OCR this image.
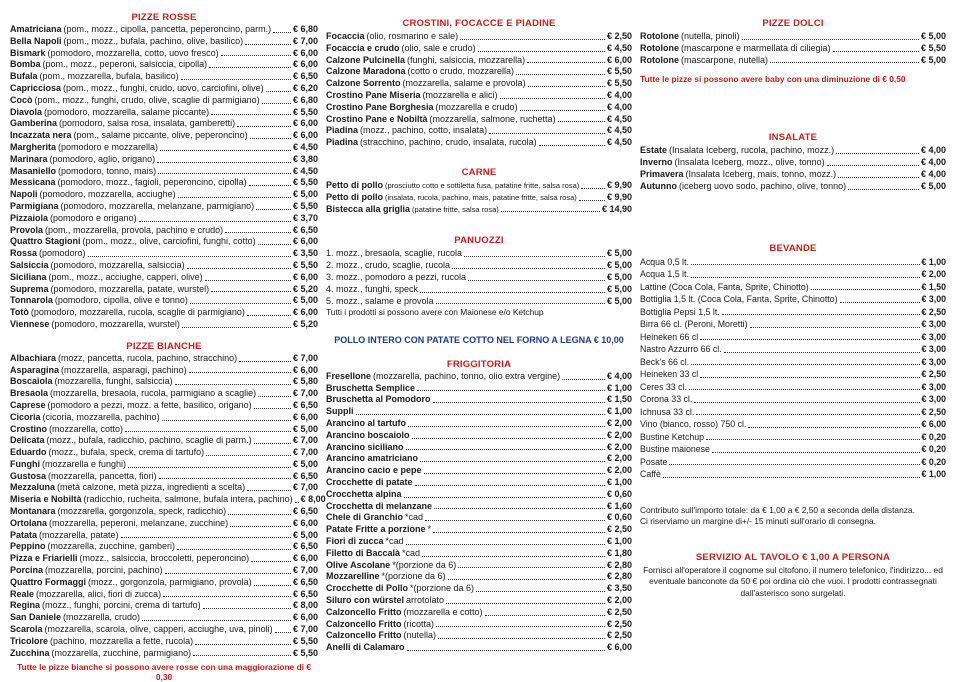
PIZZE ROSSE
Amatriciana (pom., mozz., cipolla, pancetta, peperoncino, parm.) € 6,80
Bella Napoli (pom., mozz., bufala, pachino, olive, basilico)	€ 7,00
Bismark (pomodoro, mozzarella, cotto, uovo fresco)	€ 6,00
Bomba (pom., mozz., peperoni, salsiccia, cipolla)	€ 6,00
Bufala (pom., mozzarella, bufala, basilico)	€ 6,50
Capricciosa (pom., mozz., funghi, crudo, uovo, carciofini, olive)	€ 6,20
Cocò (pom., mozz., funghi, crudo, olive, scaglie di parmigiano)	€ 6,80
Diavola (pomodoro, mozzarella, salame piccante)	€ 5,50
Gamberina (pomodoro, salsa rosa, insalata, gamberetti)	€ 6,00
Incazzata nera (pom., salame piccante, olive, peperoncino)	€ 6,00
Margherita (pomodoro e mozzarella)	€ 4,50
Marinara (pomodoro, aglio, origano)	€ 3,80
Masaniello (pomodoro, tonno, mais)	€ 4,50
Messicana (pomodoro, mozz., fagioli, peperoncino, cipolla)	€ 5,50
Napoli (pomodoro, mozzarella, acciughe)	€ 5,00
Parmigiana (pomodoro, mozzarella, melanzane, parmigiano)	€ 5,50
Pizzaiola (pomodoro e origano)	€ 3,70
Provola (pom., mozzarella, provola, pachino e crudo)	€ 6,50
Quattro Stagioni (pom., mozz., olive, carciofini, funghi, cotto)	€ 6,00
Rossa (pomodoro)	€ 3,50
Salsiccia (pomodoro, mozzarella, salsiccia)	€ 5,50
Siciliana (pom., mozz., acciughe, capperi, olive)	€ 6,00
Suprema (pomodoro, mozzarella, patate, wurstel)	€ 5,20
Tonnarola (pomodoro, cipolla, olive e tonno)	€ 5,00
Totò (pomodoro, mozzarella, rucola, scaglie di parmigiano)	€ 6,00
Viennese (pomodoro, mozzarella, wurstel)	€ 5,20
PIZZE BIANCHE
Albachiara (mozz, pancetta, rucola, pachino, stracchino)	€ 7,00
Asparagina (mozzarella, asparagi, pachino)	€ 6,00
Boscaiola (mozzarella, funghi, salsiccia)	€ 5,80
Bresaola (mozzarella, bresaola, rucola, parmigiano a scaglie)	€ 7,00
Caprese (pomodoro a pezzi, mozz. a fette, basilico, origano)	€ 6,50
Cicoria (cicoria, mozzarella, pachino)	€ 6,00
Crostino (mozzarella, cotto)	€ 5,00
Delicata (mozz., bufala, radicchio, pachino, scaglie di parm.)	€ 7,00
Eduardo (mozz., bufala, speck, crema di tartufo)	€ 7,00
Funghi (mozzarella e funghi)	€ 5,00
Gustosa (mozzarella, pancetta, fiori)	€ 6,50
Mezzaluna (metà calzone, metà pizza, ingredienti a scelta)	€ 7,00
Miseria e Nobiltà (radicchio, rucheita, salmone, bufala intera, pachino) € 8,00
Montanara (mozzarella, gorgonzola, speck, radicchio)	€ 6,50
Ortolana (mozzarella, peperoni, melanzane, zucchine)	€ 6,00
Patata (mozzarella, patate)	€ 5,00
Peppino (mozzarella, zucchine, gamberi)	€ 6,50
Pizza e Friarielli (mozz., salsiccia, broccoletti, peperoncino)	€ 6,00
Porcina (mozzarella, porcini, pachino)	€ 7,00
Quattro Formaggi (mozz., gorgonzola, parmigiano, provola)	€ 6,50
Reale (mozzarella, alici, fiori di zucca)	€ 6,50
Regina (mozz., funghi, porcini, crema di tartufo)	€ 8,00
San Daniele (mozzarella, crudo)	€ 6,00
Scarola (mozzarella, scarola, olive, capperi, acciughe, uva, pinoli) € 7,00
Tricolore (pachino, mozzarella a fette, rucola)	€ 5,50
Zucchina (mozzarella, zucchine, parmigiano)	€ 5,50
Tutte le pizze bianche si possono avere rosse con una maggiorazione di € 0,30
CROSTINI, FOCACCE E PIADINE
Focaccia (olio, rosmarino e sale)	€ 2,50
Focaccia e crudo (olio, sale e crudo)	€ 4,50
Calzone Pulcinella (funghi, salsiccia, mozzarella)	€ 6,00
Calzone Maradona (cotto o crudo, mozzarella)	€ 5,50
Calzone Sorrento (mozzarella, salame e provola)	€ 5,50
Crostino Pane Miseria (mozzarella e alici)	€ 4,00
Crostino Pane Borghesia (mozzarella e crudo)	€ 4,00
Crostino Pane e Nobiltà (mozzarella, salmone, ruchetta)	€ 4,50
Piadina (mozz., pachino, cotto, insalata)	€ 4,50
Piadina (stracchino, pachino, crudo, insalata, rucola)	€ 4,50
CARNE
Petto di pollo (prosciutto cotto e sottiletta fusa, patatine fritte, salsa rosa)	€ 9,90
Petto di pollo (insalata, rucola, pachino, mais, patatine fritte, salsa rosa)	€ 9,90
Bistecca alla griglia (patatine fritte, salsa rosa)	€ 14,90
PANUOZZI
1. mozz., bresaola, scaglie, rucola	€ 5,00
2. mozz., crudo, scaglie, rucola	€ 5,00
3. mozz., pomodoro a pezzi, rucola	€ 5,00
4. mozz., funghi, speck	€ 5,00
5. mozz., salame e provola	€ 5,00
Tutti i prodotti si possono avere con Maionese e/o Ketchup
POLLO INTERO CON PATATE COTTO NEL FORNO A LEGNA € 10,00
FRIGGITORIA
Fresellone (mozzarella, pachino, tonno, olio extra vergine)	€ 4,00
Bruschetta Semplice	€ 1,00
Bruschetta al Pomodoro	€ 1,50
Suppli	€ 1,00
Arancino al tartufo	€ 2,00
Arancino boscaiolo	€ 2,00
Arancino siciliano	€ 2,00
Arancino amatriciano	€ 2,00
Arancino cacio e pepe	€ 2,00
Crocchette di patate	€ 1,00
Crocchetta alpina	€ 0,60
Crocchetta di melanzane	€ 1,60
Chele di Granchio *cad	€ 0,60
Patate Fritte a porzione *	€ 2,50
Fiori di zucca *cad	€ 1,00
Filetto di Baccalà *cad	€ 1,80
Olive Ascolane *(porzione da 6)	€ 2,80
Mozzarelline *(porzione da 6)	€ 2,80
Crocchette di Pollo *(porzione da 6)	€ 3,50
Siluro con würstel arrotolato	€ 2,00
Calzoncello Fritto (mozzarella e cotto)	€ 2,50
Calzoncello Fritto (ricotta)	€ 2,50
Calzoncello Fritto (nutella)	€ 2,50
Anelli di Calamaro	€ 6,00
PIZZE DOLCI
Rotolone (nutella, pinoli)	€ 5,00
Rotolone (mascarpone e marmellata di ciliegia)	€ 5,50
Rotolone (mascarpone, nutella)	€ 5,00
Tutte le pizze si possono avere baby con una diminuzione di € 0,50
INSALATE
Estate (Insalata Iceberg, rucola, pachino, mozz.)	€ 4,00
Inverno (Insalata Iceberg, mozz., olive, tonno)	€ 4,00
Primavera (Insalata Iceberg, mais, tonno, mozz.)	€ 4,00
Autunno (iceberg uovo sodo, pachino, olive, tonno)	€ 5,00
BEVANDE
Acqua 0,5 lt.	€ 1,00
Acqua 1,5 lt.	€ 2,00
Lattine (Coca Cola, Fanta, Sprite, Chinotto)	€ 1,50
Bottiglia 1,5 lt. (Coca Cola, Fanta, Sprite, Chinotto)	€ 3,00
Bottiglia Pepsi 1,5 lt.	€ 2,50
Birra 66 cl. (Peroni, Moretti)	€ 3,00
Heineken 66 cl	€ 3,00
Nastro Azzurro 66 cl.	€ 3,00
Beck's 66 cl.	€ 3,00
Heineken 33 cl	€ 2,50
Ceres 33 cl.	€ 3,00
Corona 33 cl.	€ 3,00
Ichnusa 33 cl.	€ 2,50
Vino (bianco, rosso) 750 cl.	€ 6,00
Bustine Ketchup	€ 0,20
Bustine maionese	€ 0,20
Posate	€ 0,20
Caffè	€ 1,00
Contributo sull'importo totale: da € 1,00 a € 2,50 a seconda della distanza.
Ci riserviamo un margine di+/- 15 minuti sull'orario di consegna.
SERVIZIO AL TAVOLO € 1,00 A PERSONA
Fornisci all'operatore il cognome sul citofono, il numero telefonico, l'indirizzo... ed eventuale banconote da 50 € poi ordina ciò che vuoi. I prodotti contrassegnati dall'asterisco sono surgelati.
